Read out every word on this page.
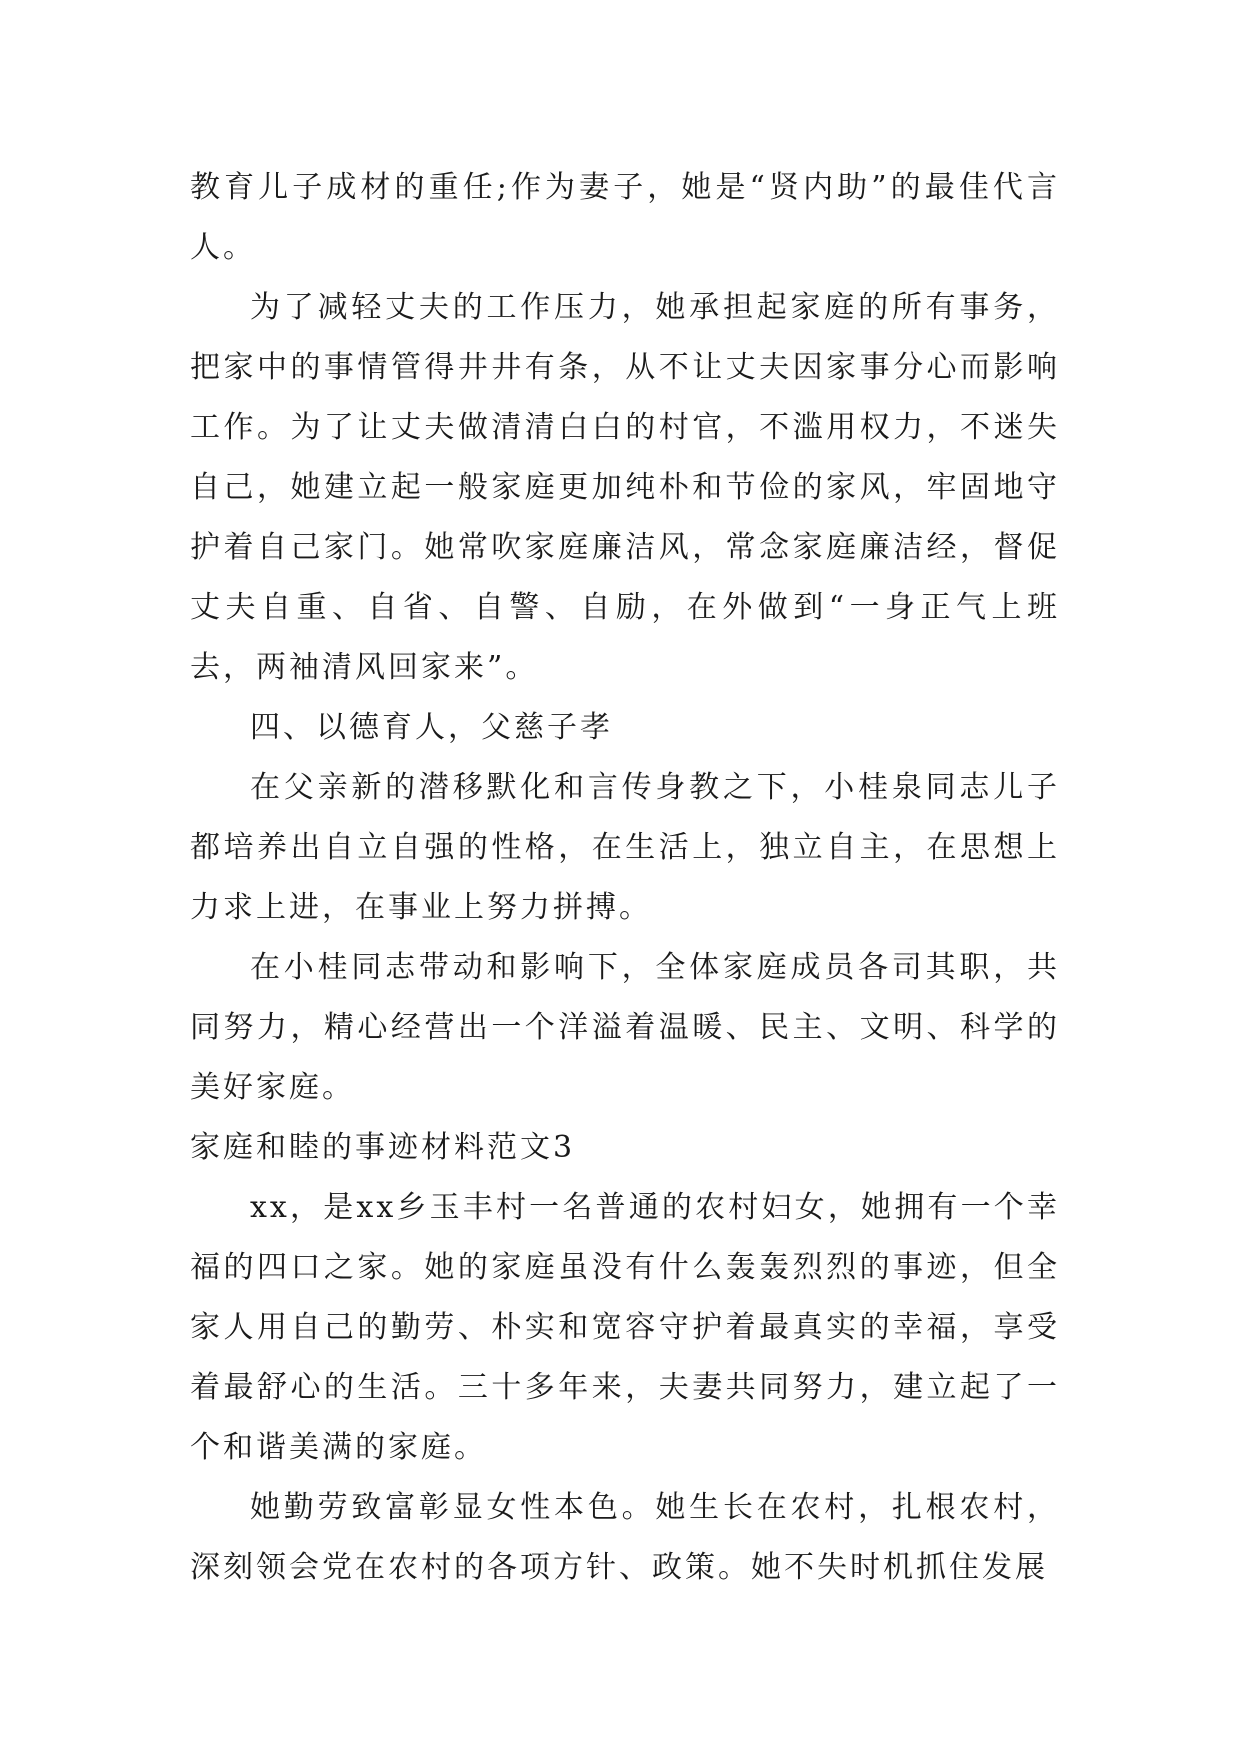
教育儿子成材的重任;作为妻子，她是“贤内助”的最佳代言人。

为了减轻丈夫的工作压力，她承担起家庭的所有事务，把家中的事情管得井井有条，从不让丈夫因家事分心而影响工作。为了让丈夫做清清白白的村官，不滥用权力，不迷失自己，她建立起一般家庭更加纯朴和节俭的家风，牢固地守护着自己家门。她常吹家庭廉洁风，常念家庭廉洁经，督促丈夫自重、自省、自警、自励，在外做到“一身正气上班去，两袖清风回家来”。

四、以德育人，父慈子孝

在父亲新的潜移默化和言传身教之下，小桂泉同志儿子都培养出自立自强的性格，在生活上，独立自主，在思想上力求上进，在事业上努力拼搏。

在小桂同志带动和影响下，全体家庭成员各司其职，共同努力，精心经营出一个洋溢着温暖、民主、文明、科学的美好家庭。

家庭和睦的事迹材料范文3

xx，是xx乡玉丰村一名普通的农村妇女，她拥有一个幸福的四口之家。她的家庭虽没有什么轰轰烈烈的事迹，但全家人用自己的勤劳、朴实和宽容守护着最真实的幸福，享受着最舒心的生活。三十多年来，夫妻共同努力，建立起了一个和谐美满的家庭。

她勤劳致富彰显女性本色。她生长在农村，扎根农村，深刻领会党在农村的各项方针、政策。她不失时机抓住发展
